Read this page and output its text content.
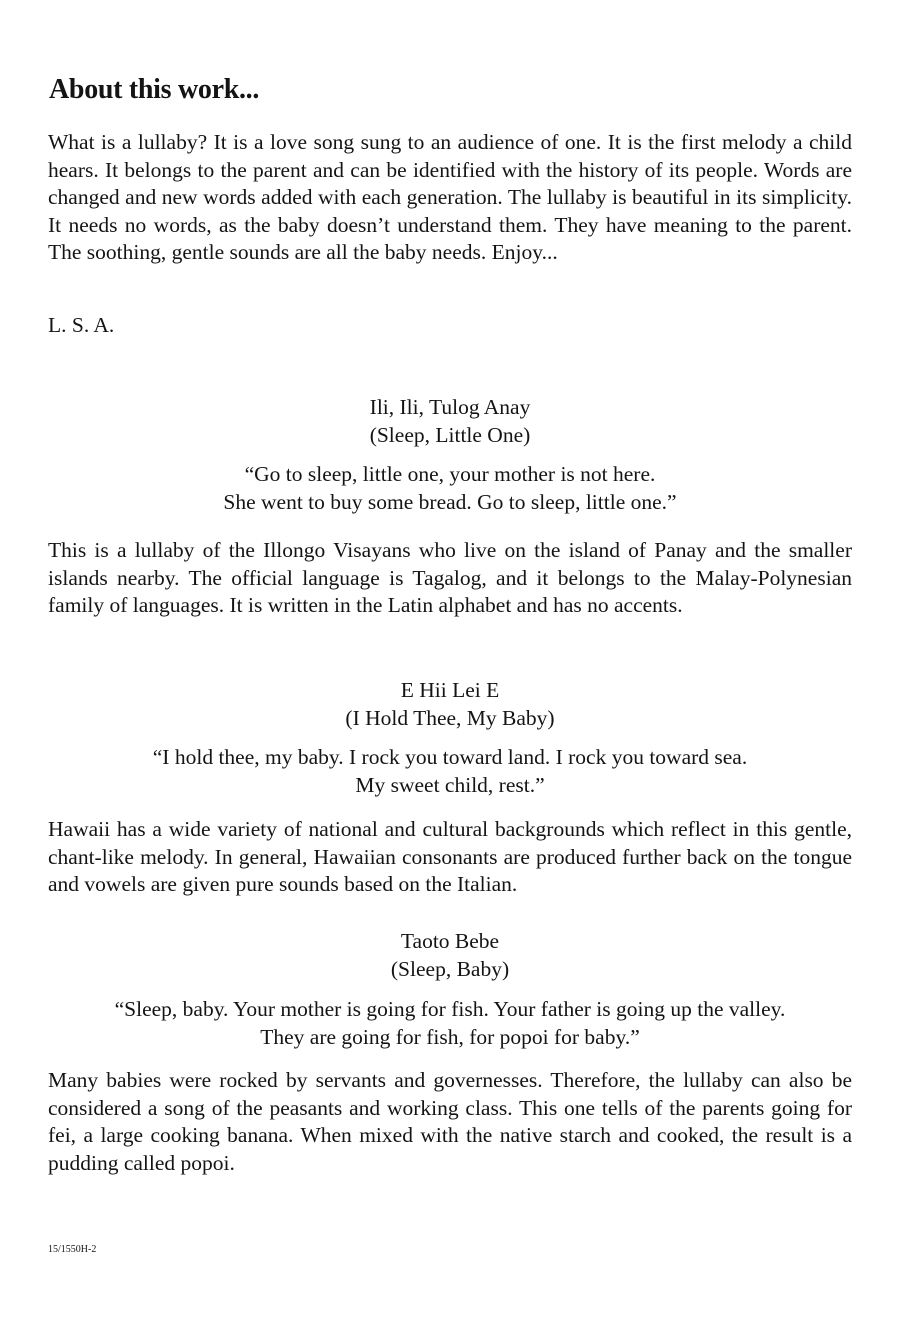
About this work...

What is a lullaby? It is a love song sung to an audience of one. It is the first melody a child hears. It belongs to the parent and can be identified with the history of its people. Words are changed and new words added with each generation. The lullaby is beautiful in its simplicity. It needs no words, as the baby doesn’t understand them. They have meaning to the parent. The soothing, gentle sounds are all the baby needs. Enjoy...

L. S. A.

Ili, Ili, Tulog Anay
(Sleep, Little One)
“Go to sleep, little one, your mother is not here.
She went to buy some bread. Go to sleep, little one.”

This is a lullaby of the Illongo Visayans who live on the island of Panay and the smaller islands nearby. The official language is Tagalog, and it belongs to the Malay-Polynesian family of languages. It is written in the Latin alphabet and has no accents.

E Hii Lei E
(I Hold Thee, My Baby)
“I hold thee, my baby. I rock you toward land. I rock you toward sea.
My sweet child, rest.”

Hawaii has a wide variety of national and cultural backgrounds which reflect in this gentle, chant-like melody. In general, Hawaiian consonants are produced further back on the tongue and vowels are given pure sounds based on the Italian.

Taoto Bebe
(Sleep, Baby)
“Sleep, baby. Your mother is going for fish. Your father is going up the valley.
They are going for fish, for popoi for baby.”

Many babies were rocked by servants and governesses. Therefore, the lullaby can also be considered a song of the peasants and working class. This one tells of the parents going for fei, a large cooking banana. When mixed with the native starch and cooked, the result is a pudding called popoi.

15/1550H-2
